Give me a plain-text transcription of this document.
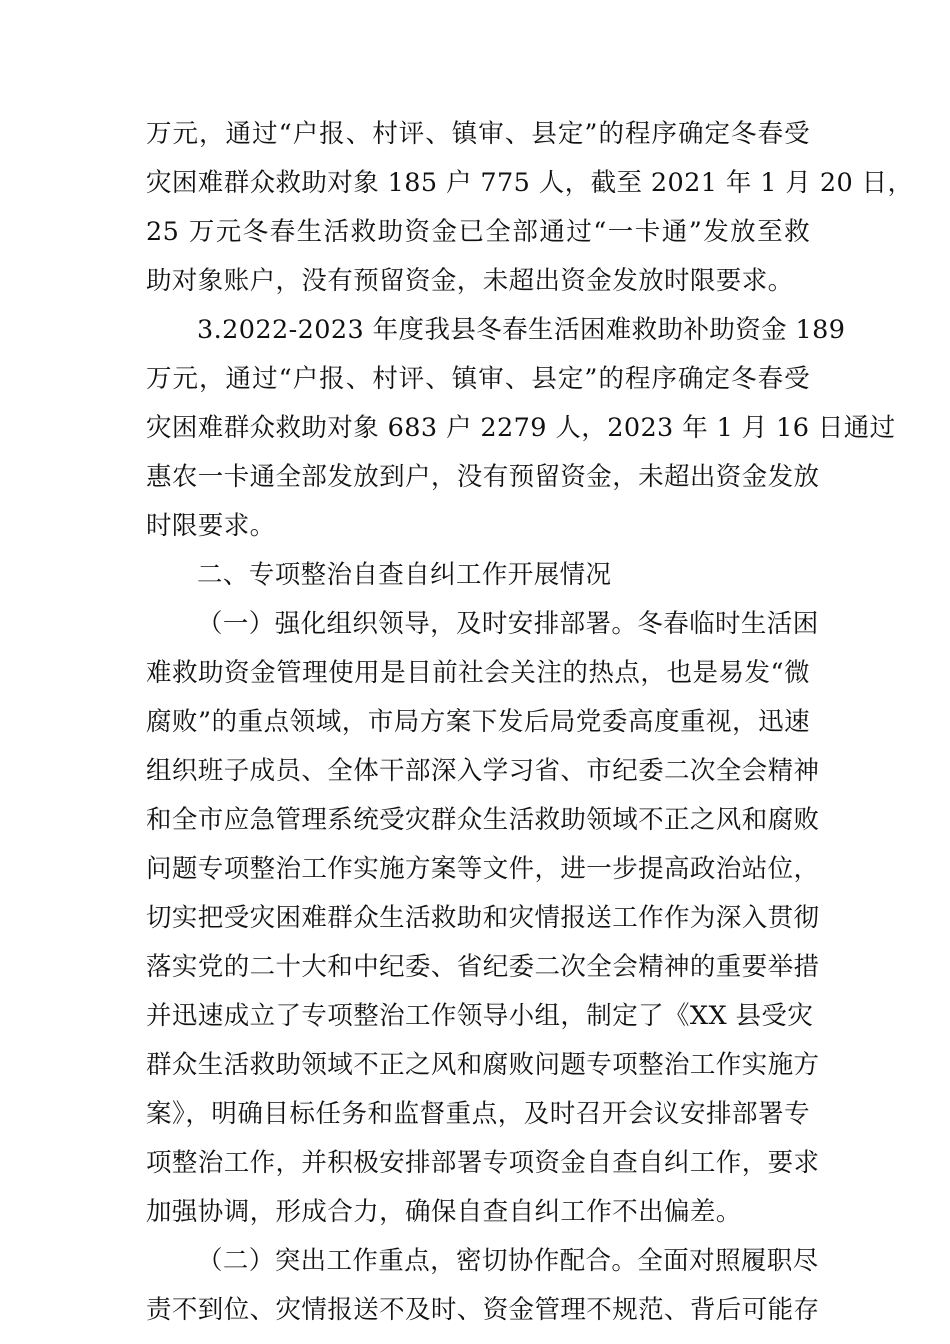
万元，通过“户报、村评、镇审、县定”的程序确定冬春受
灾困难群众救助对象 185 户 775 人，截至 2021 年 1 月 20 日，
25 万元冬春生活救助资金已全部通过“一卡通”发放至救
助对象账户，没有预留资金，未超出资金发放时限要求。
3.2022-2023 年度我县冬春生活困难救助补助资金 189
万元，通过“户报、村评、镇审、县定”的程序确定冬春受
灾困难群众救助对象 683 户 2279 人，2023 年 1 月 16 日通过
惠农一卡通全部发放到户，没有预留资金，未超出资金发放
时限要求。
二、专项整治自查自纠工作开展情况
（一）强化组织领导，及时安排部署。冬春临时生活困
难救助资金管理使用是目前社会关注的热点，也是易发“微
腐败”的重点领域，市局方案下发后局党委高度重视，迅速
组织班子成员、全体干部深入学习省、市纪委二次全会精神
和全市应急管理系统受灾群众生活救助领域不正之风和腐败
问题专项整治工作实施方案等文件，进一步提高政治站位，
切实把受灾困难群众生活救助和灾情报送工作作为深入贯彻
落实党的二十大和中纪委、省纪委二次全会精神的重要举措
并迅速成立了专项整治工作领导小组，制定了《XX 县受灾
群众生活救助领域不正之风和腐败问题专项整治工作实施方
案》，明确目标任务和监督重点，及时召开会议安排部署专
项整治工作，并积极安排部署专项资金自查自纠工作，要求
加强协调，形成合力，确保自查自纠工作不出偏差。
（二）突出工作重点，密切协作配合。全面对照履职尽
责不到位、灾情报送不及时、资金管理不规范、背后可能存
